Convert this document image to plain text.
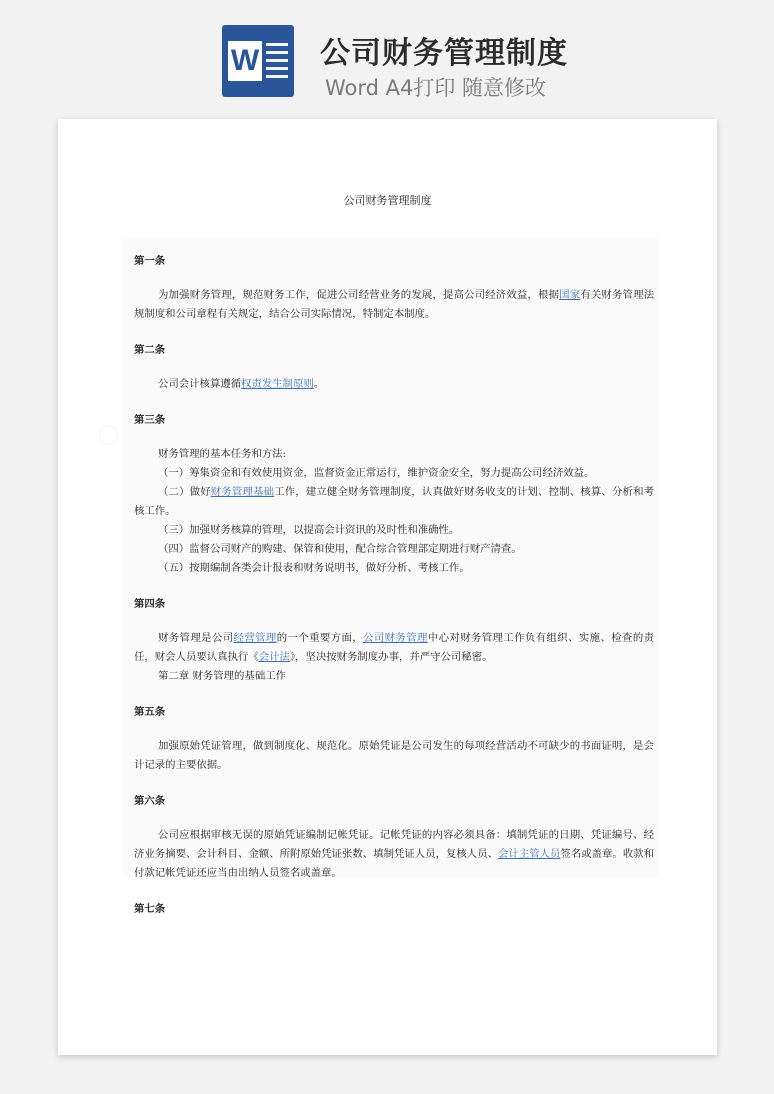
W 公司财务管理制度
Word A4打印 随意修改
公司财务管理制度
第一条
为加强财务管理，规范财务工作，促进公司经营业务的发展，提高公司经济效益，根据国家有关财务管理法规制度和公司章程有关规定，结合公司实际情况，特制定本制度。
第二条
公司会计核算遵循权责发生制原则。
第三条
财务管理的基本任务和方法:
（一）筹集资金和有效使用资金，监督资金正常运行，维护资金安全，努力提高公司经济效益。
（二）做好财务管理基础工作，建立健全财务管理制度，认真做好财务收支的计划、控制、核算、分析和考核工作。
（三）加强财务核算的管理，以提高会计资讯的及时性和准确性。
（四）监督公司财产的购建、保管和使用，配合综合管理部定期进行财产清查。
（五）按期编制各类会计报表和财务说明书，做好分析、考核工作。
第四条
财务管理是公司经营管理的一个重要方面，公司财务管理中心对财务管理工作负有组织、实施、检查的责任，财会人员要认真执行《会计法》，坚决按财务制度办事，并严守公司秘密。
第二章 财务管理的基础工作
第五条
加强原始凭证管理，做到制度化、规范化。原始凭证是公司发生的每项经营活动不可缺少的书面证明，是会计记录的主要依据。
第六条
公司应根据审核无误的原始凭证编制记帐凭证。记帐凭证的内容必须具备：填制凭证的日期、凭证编号、经济业务摘要、会计科目、金额、所附原始凭证张数、填制凭证人员，复核人员、会计主管人员签名或盖章。收款和付款记帐凭证还应当由出纳人员签名或盖章。
第七条
